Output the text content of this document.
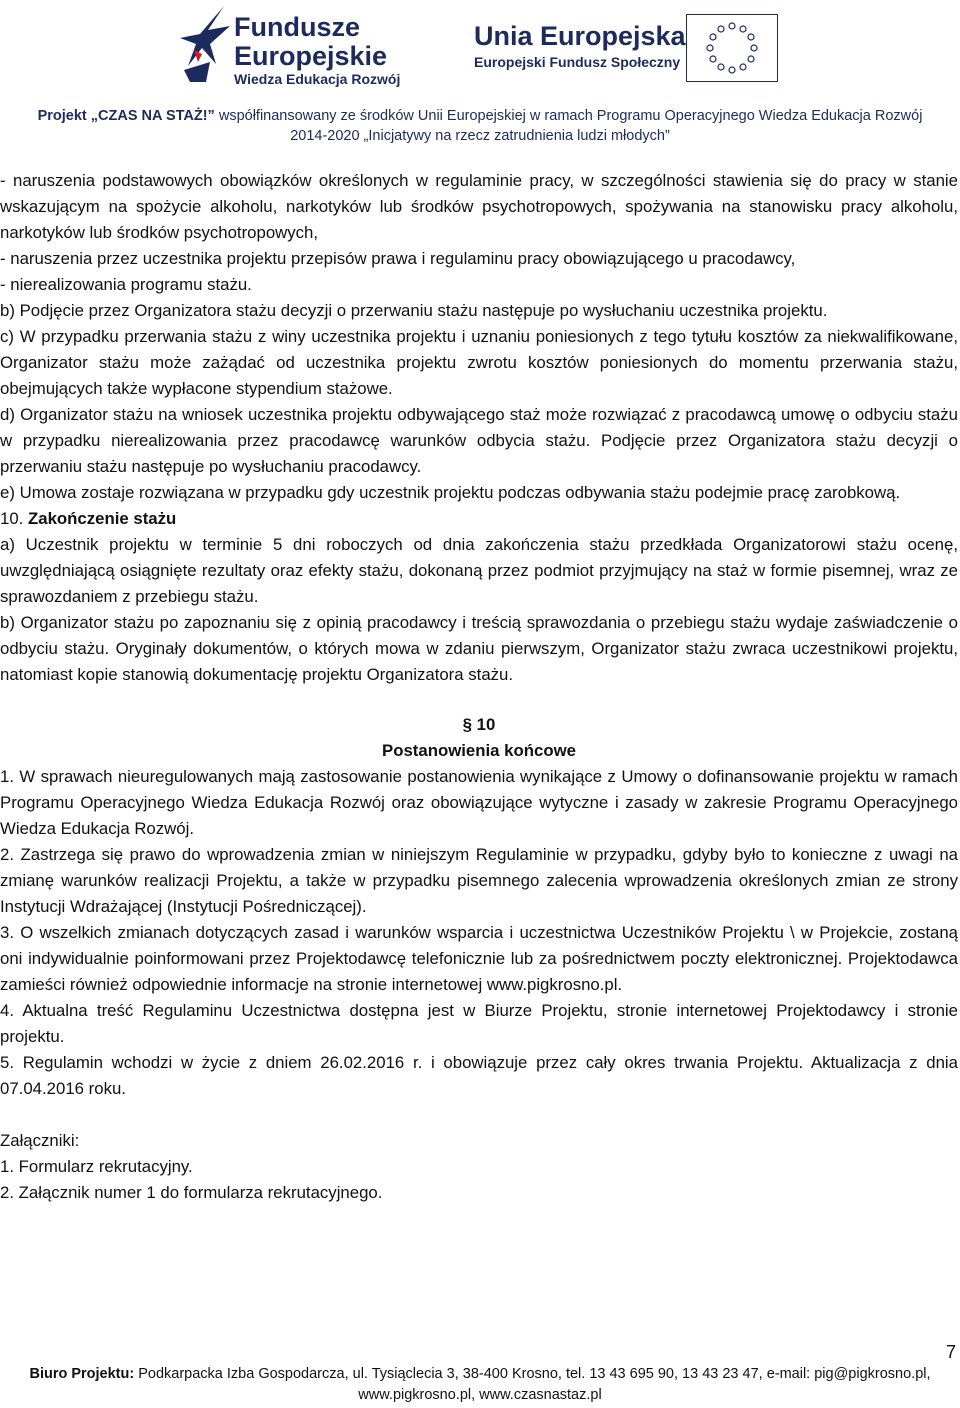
Fundusze
Europejskie
Wiedza Edukacja Rozwój
Unia Europejska
Europejski Fundusz Społeczny
Projekt „CZAS NA STAŻ!” współfinansowany ze środków Unii Europejskiej w ramach Programu Operacyjnego Wiedza Edukacja Rozwój
2014-2020 „Inicjatywy na rzecz zatrudnienia ludzi młodych”

- naruszenia podstawowych obowiązków określonych w regulaminie pracy, w szczególności stawienia się do pracy w stanie wskazującym na spożycie alkoholu, narkotyków lub środków psychotropowych, spożywania na stanowisku pracy alkoholu, narkotyków lub środków psychotropowych,

- naruszenia przez uczestnika projektu przepisów prawa i regulaminu pracy obowiązującego u pracodawcy,

- nierealizowania programu stażu.

b) Podjęcie przez Organizatora stażu decyzji o przerwaniu stażu następuje po wysłuchaniu uczestnika projektu.

c) W przypadku przerwania stażu z winy uczestnika projektu i uznaniu poniesionych z tego tytułu kosztów za niekwalifikowane, Organizator stażu może zażądać od uczestnika projektu zwrotu kosztów poniesionych do momentu przerwania stażu, obejmujących także wypłacone stypendium stażowe.

d) Organizator stażu na wniosek uczestnika projektu odbywającego staż może rozwiązać z pracodawcą umowę o odbyciu stażu w przypadku nierealizowania przez pracodawcę warunków odbycia stażu. Podjęcie przez Organizatora stażu decyzji o przerwaniu stażu następuje po wysłuchaniu pracodawcy.

e) Umowa zostaje rozwiązana w przypadku gdy uczestnik projektu podczas odbywania stażu podejmie pracę zarobkową.

10. Zakończenie stażu

a) Uczestnik projektu w terminie 5 dni roboczych od dnia zakończenia stażu przedkłada Organizatorowi stażu ocenę, uwzględniającą osiągnięte rezultaty oraz efekty stażu, dokonaną przez podmiot przyjmujący na staż w formie pisemnej, wraz ze sprawozdaniem z przebiegu stażu.

b) Organizator stażu po zapoznaniu się z opinią pracodawcy i treścią sprawozdania o przebiegu stażu wydaje zaświadczenie o odbyciu stażu. Oryginały dokumentów, o których mowa w zdaniu pierwszym, Organizator stażu zwraca uczestnikowi projektu, natomiast kopie stanowią dokumentację projektu Organizatora stażu.

§ 10

Postanowienia końcowe

1. W sprawach nieuregulowanych mają zastosowanie postanowienia wynikające z Umowy o dofinansowanie projektu w ramach Programu Operacyjnego Wiedza Edukacja Rozwój oraz obowiązujące wytyczne i zasady w zakresie Programu Operacyjnego Wiedza Edukacja Rozwój.

2. Zastrzega się prawo do wprowadzenia zmian w niniejszym Regulaminie w przypadku, gdyby było to konieczne z uwagi na zmianę warunków realizacji Projektu, a także w przypadku pisemnego zalecenia wprowadzenia określonych zmian ze strony Instytucji Wdrażającej (Instytucji Pośredniczącej).

3. O wszelkich zmianach dotyczących zasad i warunków wsparcia i uczestnictwa Uczestników Projektu \ w Projekcie, zostaną oni indywidualnie poinformowani przez Projektodawcę telefonicznie lub za pośrednictwem poczty elektronicznej. Projektodawca zamieści również odpowiednie informacje na stronie internetowej www.pigkrosno.pl.

4. Aktualna treść Regulaminu Uczestnictwa dostępna jest w Biurze Projektu, stronie internetowej Projektodawcy i stronie projektu.

5. Regulamin wchodzi w życie z dniem 26.02.2016 r. i obowiązuje przez cały okres trwania Projektu. Aktualizacja z dnia 07.04.2016 roku.

Załączniki:

1. Formularz rekrutacyjny.

2. Załącznik numer 1 do formularza rekrutacyjnego.

7
Biuro Projektu: Podkarpacka Izba Gospodarcza, ul. Tysiąclecia 3, 38-400 Krosno, tel. 13 43 695 90, 13 43 23 47, e-mail: pig@pigkrosno.pl,
www.pigkrosno.pl, www.czasnastaz.pl
